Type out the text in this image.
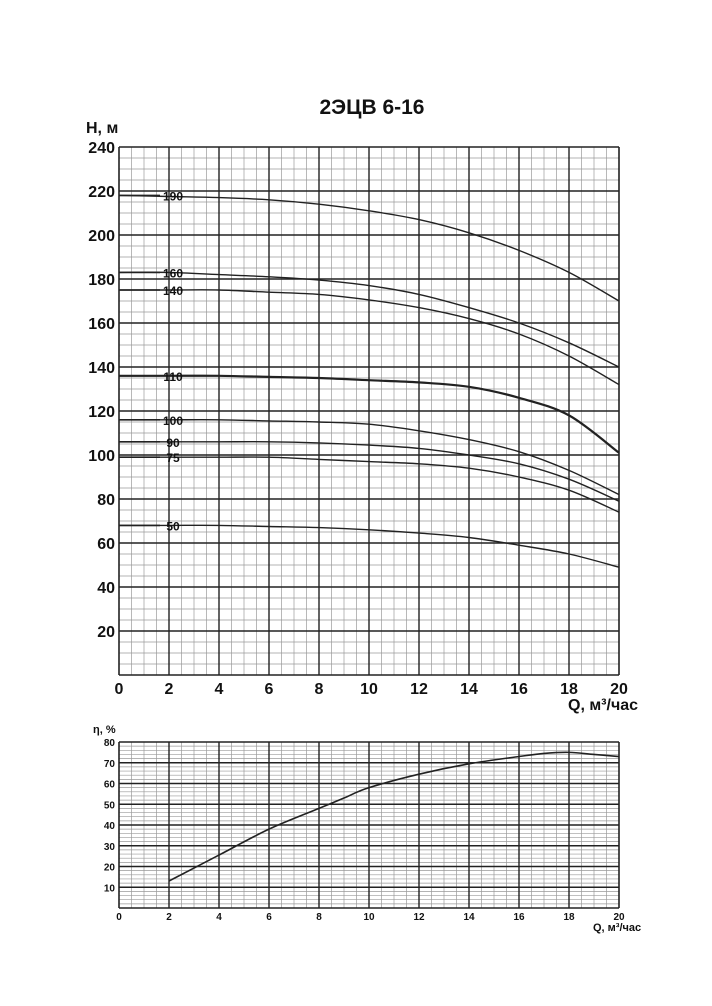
2ЭЦВ 6-16
190
160
140
110
100
90
75
50
0	2	4	6	8 10 12 14 16 18 20
20
40
60
80
100
120
140
160
180
200
220
240
H, м
Q, м³/час
0	2	4	6	8	10	12	14	16	18	20
10
20
30
40
50
60
70
80
η, %
Q, м³/час
